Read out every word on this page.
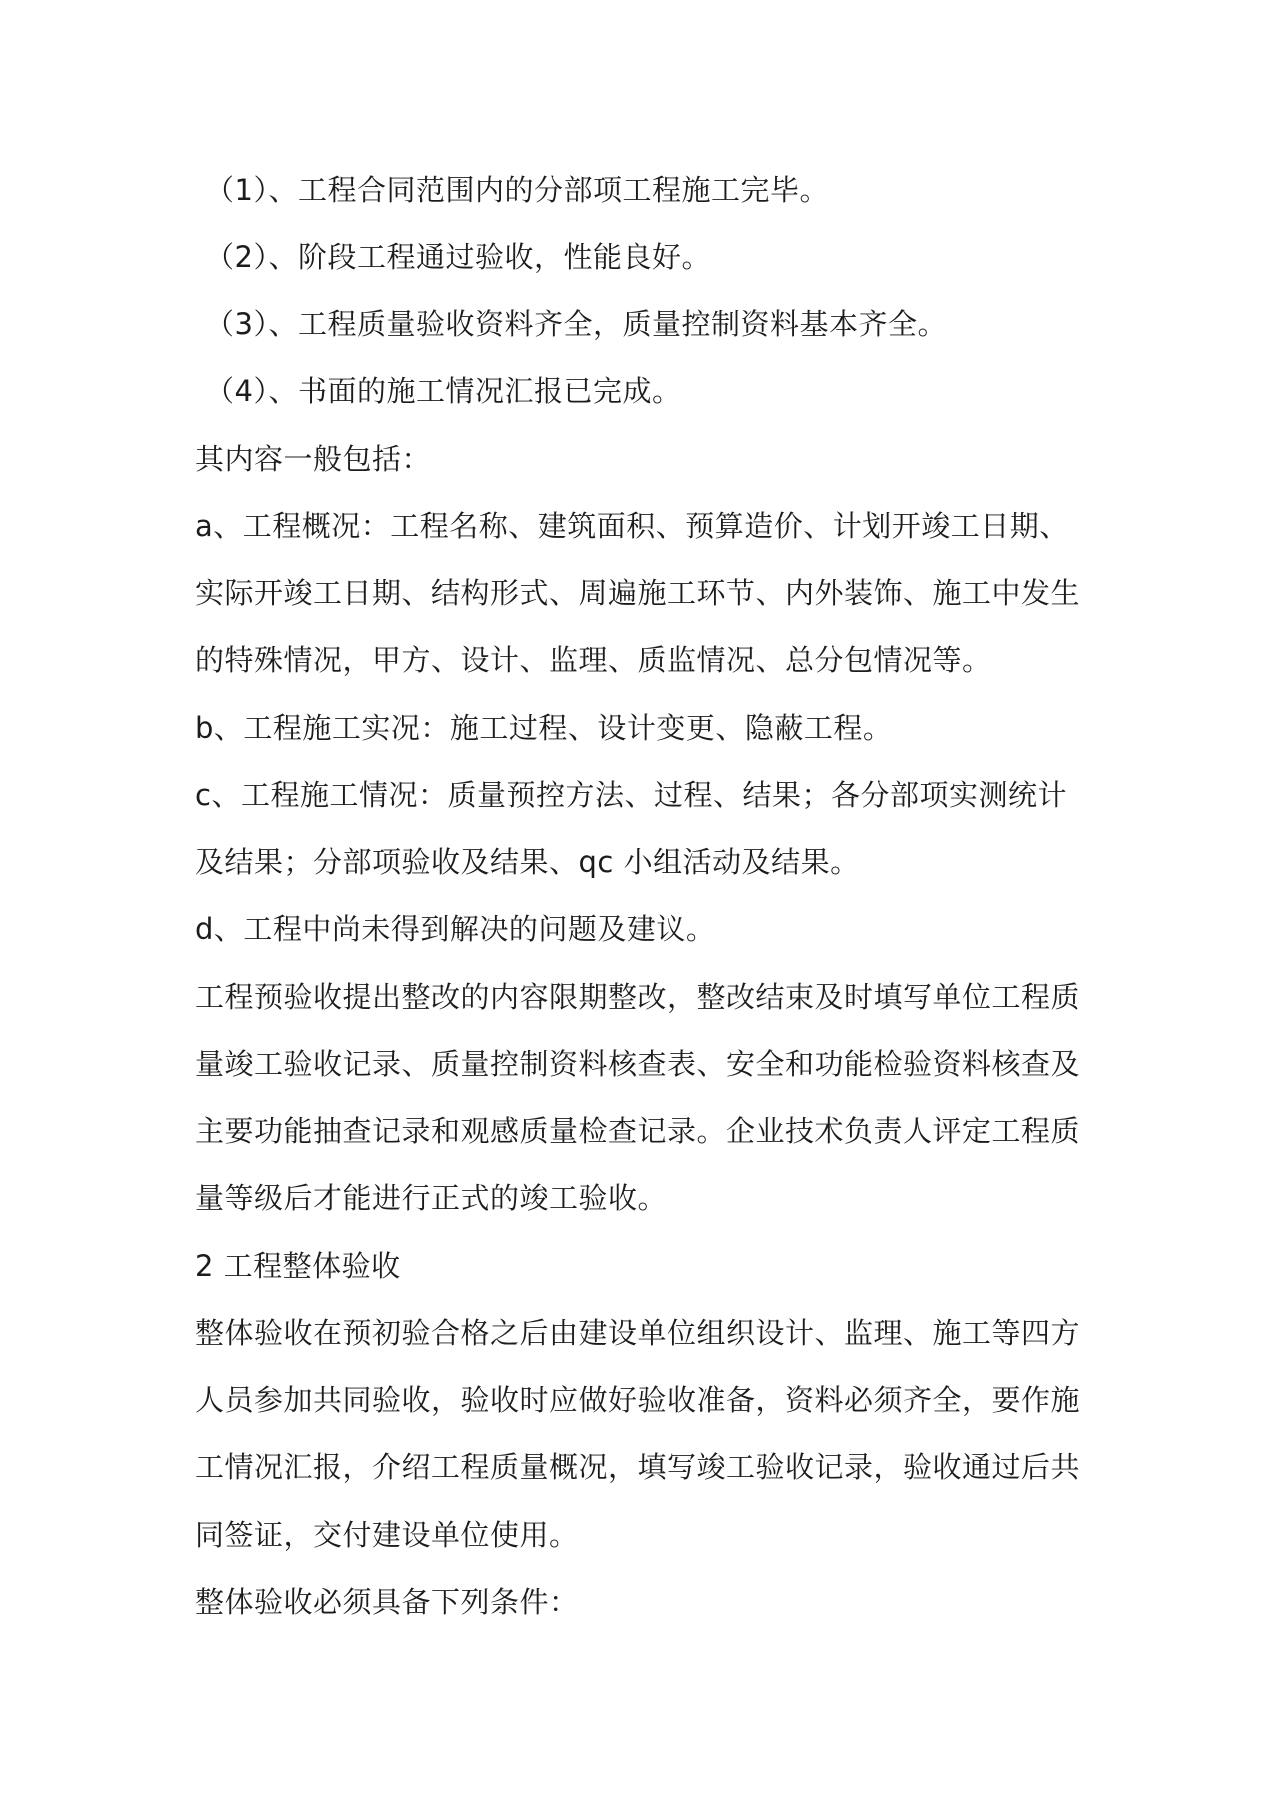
（1）、工程合同范围内的分部项工程施工完毕。

（2）、阶段工程通过验收，性能良好。

（3）、工程质量验收资料齐全，质量控制资料基本齐全。

（4）、书面的施工情况汇报已完成。

其内容一般包括：

a、工程概况：工程名称、建筑面积、预算造价、计划开竣工日期、

实际开竣工日期、结构形式、周遍施工环节、内外装饰、施工中发生

的特殊情况，甲方、设计、监理、质监情况、总分包情况等。

b、工程施工实况：施工过程、设计变更、隐蔽工程。

c、工程施工情况：质量预控方法、过程、结果；各分部项实测统计

及结果；分部项验收及结果、qc 小组活动及结果。

d、工程中尚未得到解决的问题及建议。

工程预验收提出整改的内容限期整改，整改结束及时填写单位工程质

量竣工验收记录、质量控制资料核查表、安全和功能检验资料核查及

主要功能抽查记录和观感质量检查记录。企业技术负责人评定工程质

量等级后才能进行正式的竣工验收。

2 工程整体验收

整体验收在预初验合格之后由建设单位组织设计、监理、施工等四方

人员参加共同验收，验收时应做好验收准备，资料必须齐全，要作施

工情况汇报，介绍工程质量概况，填写竣工验收记录，验收通过后共

同签证，交付建设单位使用。

整体验收必须具备下列条件：
